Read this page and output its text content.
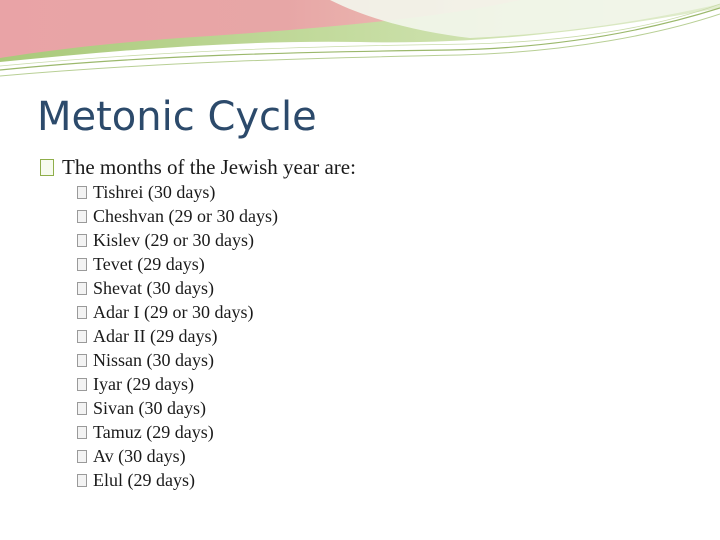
Metonic Cycle
The months of the Jewish year are:
Tishrei (30 days)
Cheshvan (29 or 30 days)
Kislev (29 or 30 days)
Tevet (29 days)
Shevat (30 days)
Adar I (29 or 30 days)
Adar II (29 days)
Nissan (30 days)
Iyar (29 days)
Sivan (30 days)
Tamuz (29 days)
Av (30 days)
Elul (29 days)
